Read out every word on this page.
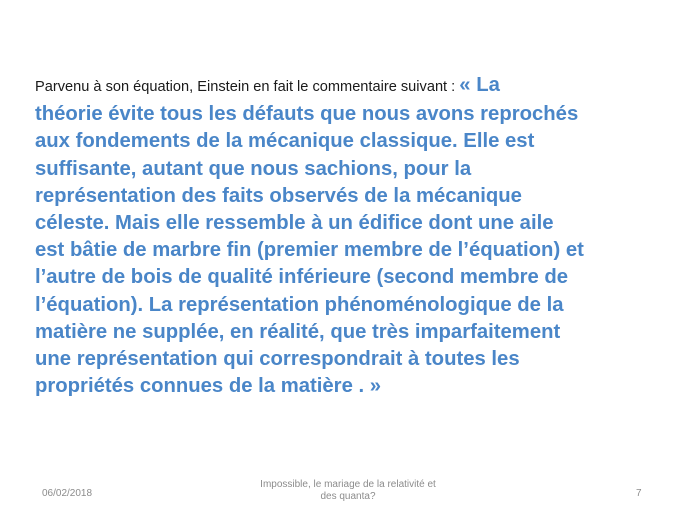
Parvenu à son équation, Einstein en fait le commentaire suivant : « La
théorie évite tous les défauts que nous avons reprochés
aux fondements de la mécanique classique. Elle est
suffisante, autant que nous sachions, pour la
représentation des faits observés de la mécanique
céleste. Mais elle ressemble à un édifice dont une aile
est bâtie de marbre fin (premier membre de l’équation) et
l’autre de bois de qualité inférieure (second membre de
l’équation). La représentation phénoménologique de la
matière ne supplée, en réalité, que très imparfaitement
une représentation qui correspondrait à toutes les
propriétés connues de la matière . »

06/02/2018
Impossible, le mariage de la relativité et
des quanta?	7
